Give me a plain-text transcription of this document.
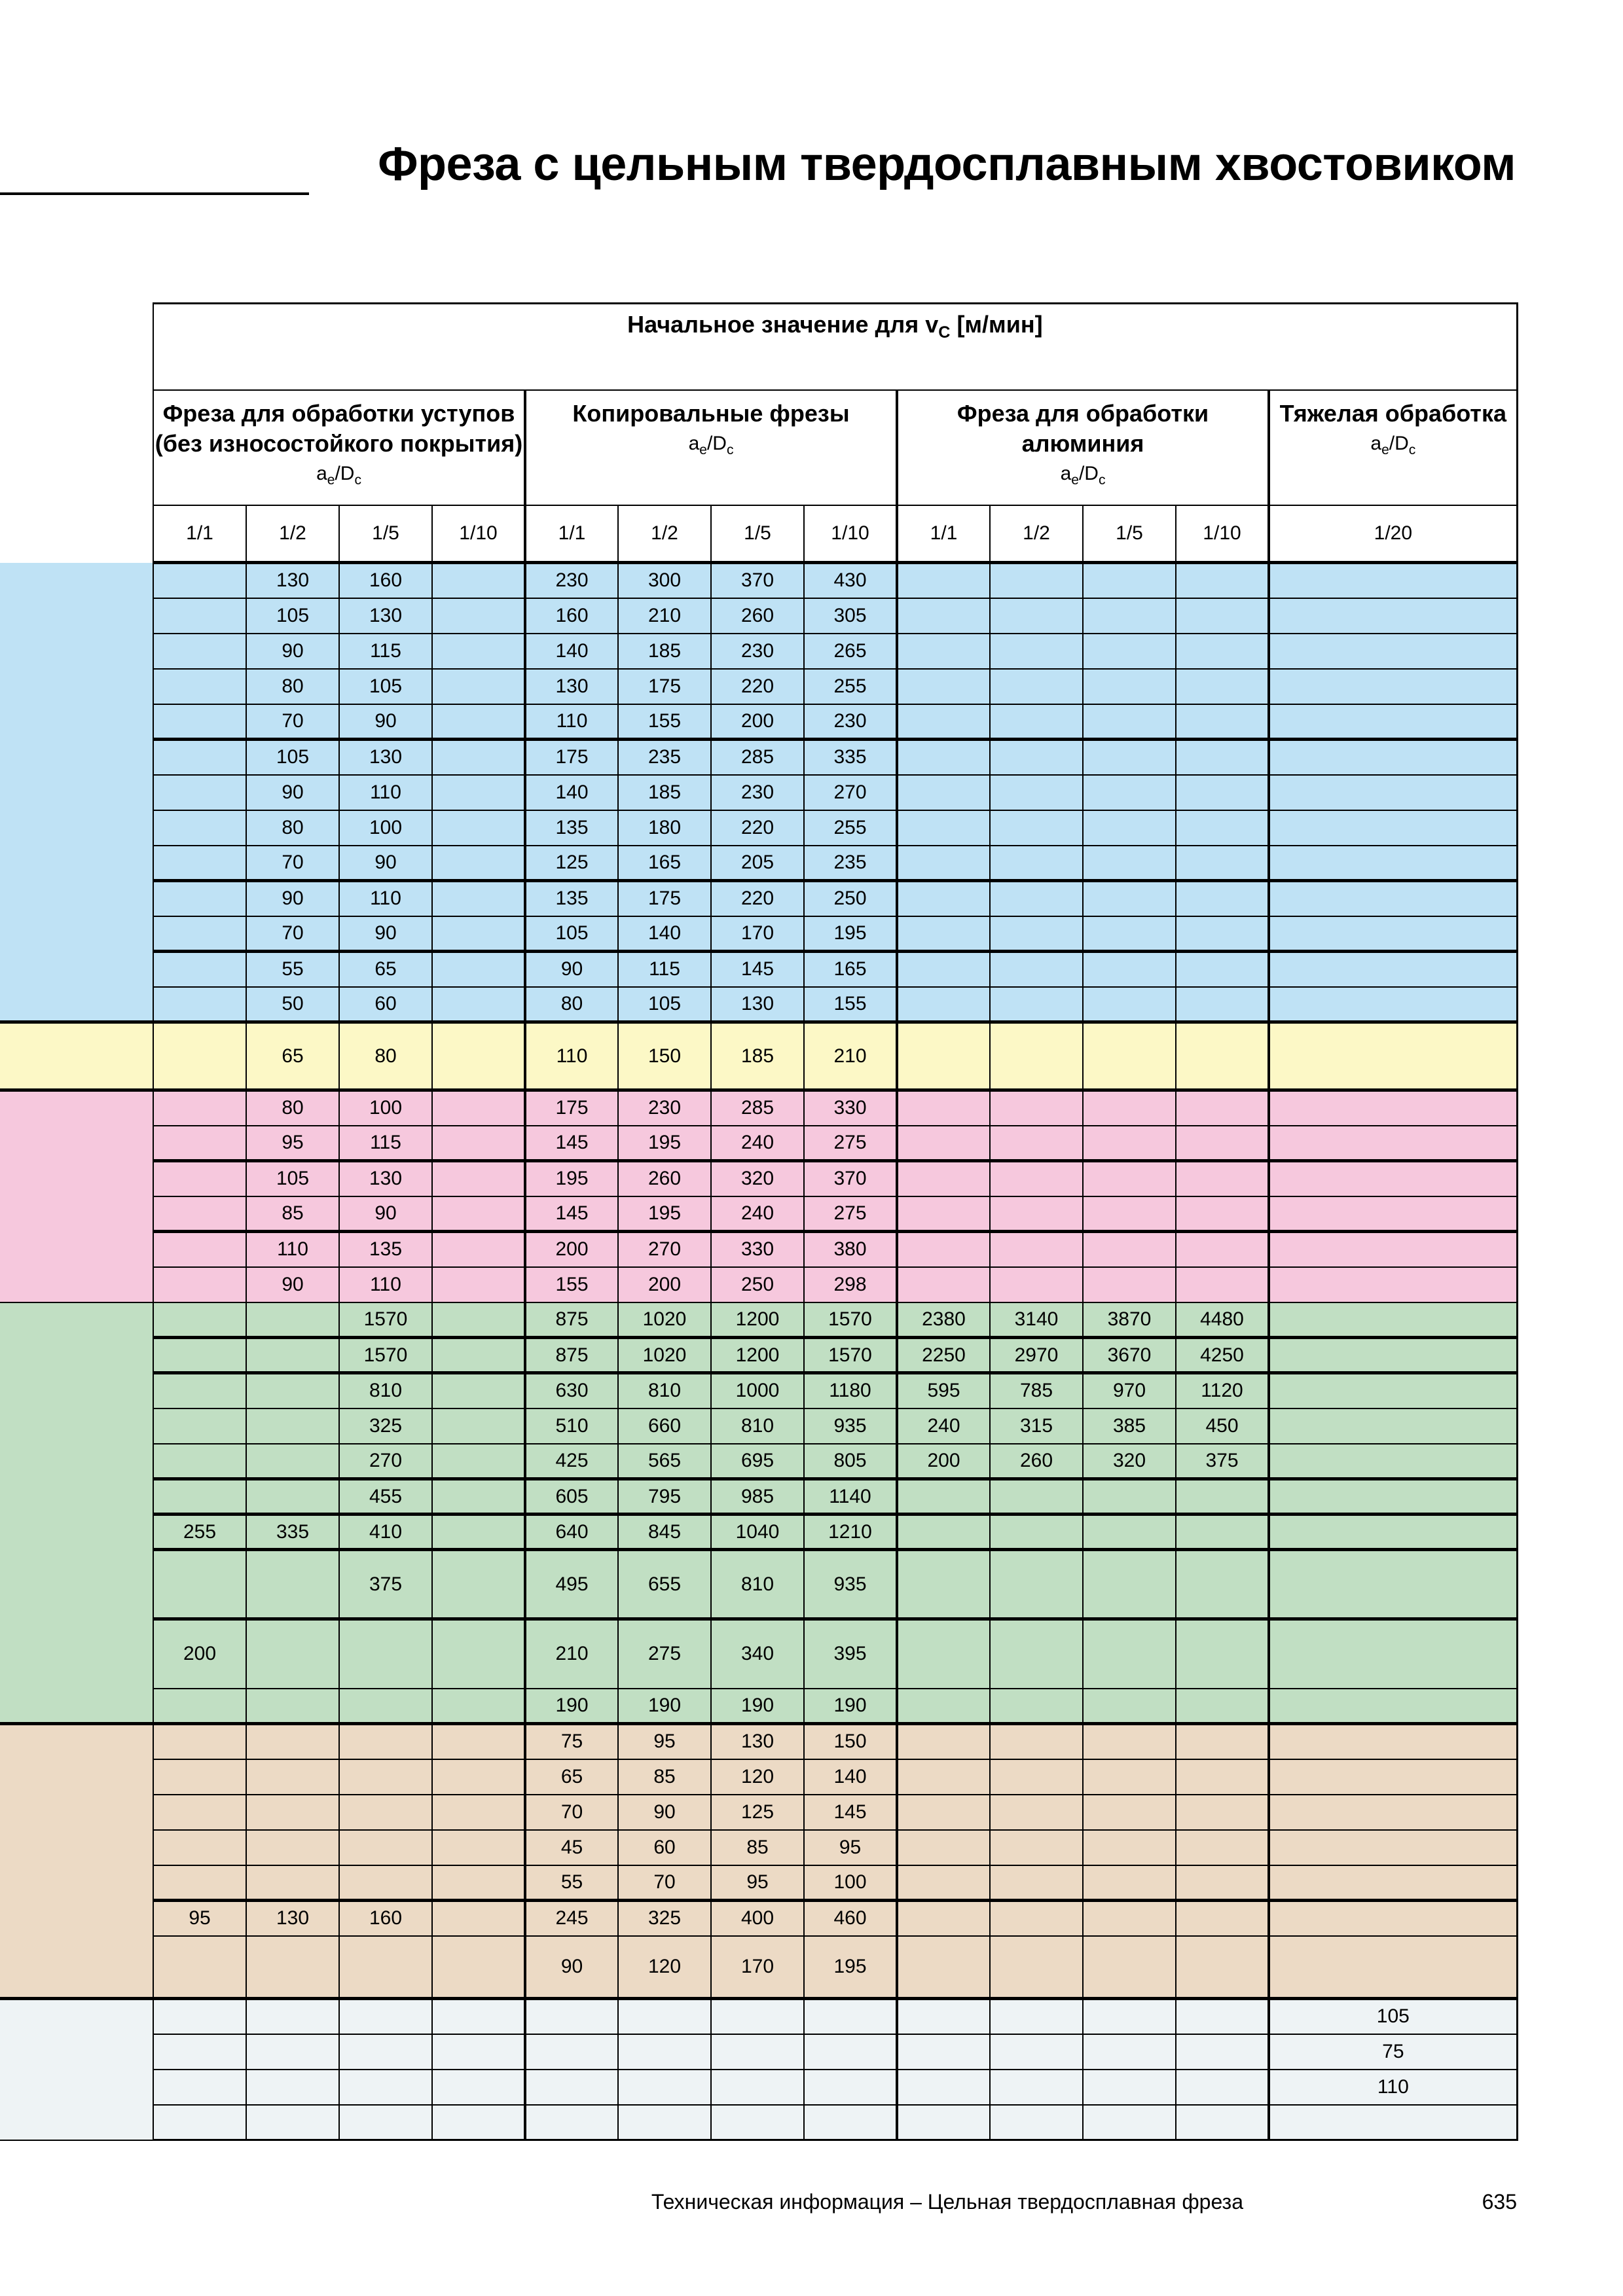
Фреза с цельным твердосплавным хвостовиком
	Начальное значение для $v_C$ [м/мин]												

	Фреза для обработки уступов (без износостойкого покрытия)
$a_e/D_c$				Копировальные фрезы
$a_e/D_c$				Фреза для обработки алюминия
$a_e/D_c$				Тяжелая обработка
$a_e/D_c$

	1/1	1/2	1/5	1/10	1/1	1/2	1/5	1/10	1/1	1/2	1/5	1/10	1/20
		130	160		230	300	370	430					
		105	130		160	210	260	305					
		90	115		140	185	230	265					
		80	105		130	175	220	255					
		70	90		110	155	200	230					
		105	130		175	235	285	335					
		90	110		140	185	230	270					
		80	100		135	180	220	255					
		70	90		125	165	205	235					
		90	110		135	175	220	250					
		70	90		105	140	170	195					
		55	65		90	115	145	165					
		50	60		80	105	130	155					
		65	80		110	150	185	210					
		80	100		175	230	285	330					
		95	115		145	195	240	275					
		105	130		195	260	320	370					
		85	90		145	195	240	275					
		110	135		200	270	330	380					
		90	110		155	200	250	298					
			1570		875	1020	1200	1570	2380	3140	3870	4480	
			1570		875	1020	1200	1570	2250	2970	3670	4250	
			810		630	810	1000	1180	595	785	970	1120	
			325		510	660	810	935	240	315	385	450	
			270		425	565	695	805	200	260	320	375	
			455		605	795	985	1140					
	255	335	410		640	845	1040	1210					
			375		495	655	810	935					
	200				210	275	340	395					
					190	190	190	190					
					75	95	130	150					
					65	85	120	140					
					70	90	125	145					
					45	60	85	95					
					55	70	95	100					
	95	130	160		245	325	400	460					
					90	120	170	195					
													105
													75
													110

Техническая информация – Цельная твердосплавная фреза	635
